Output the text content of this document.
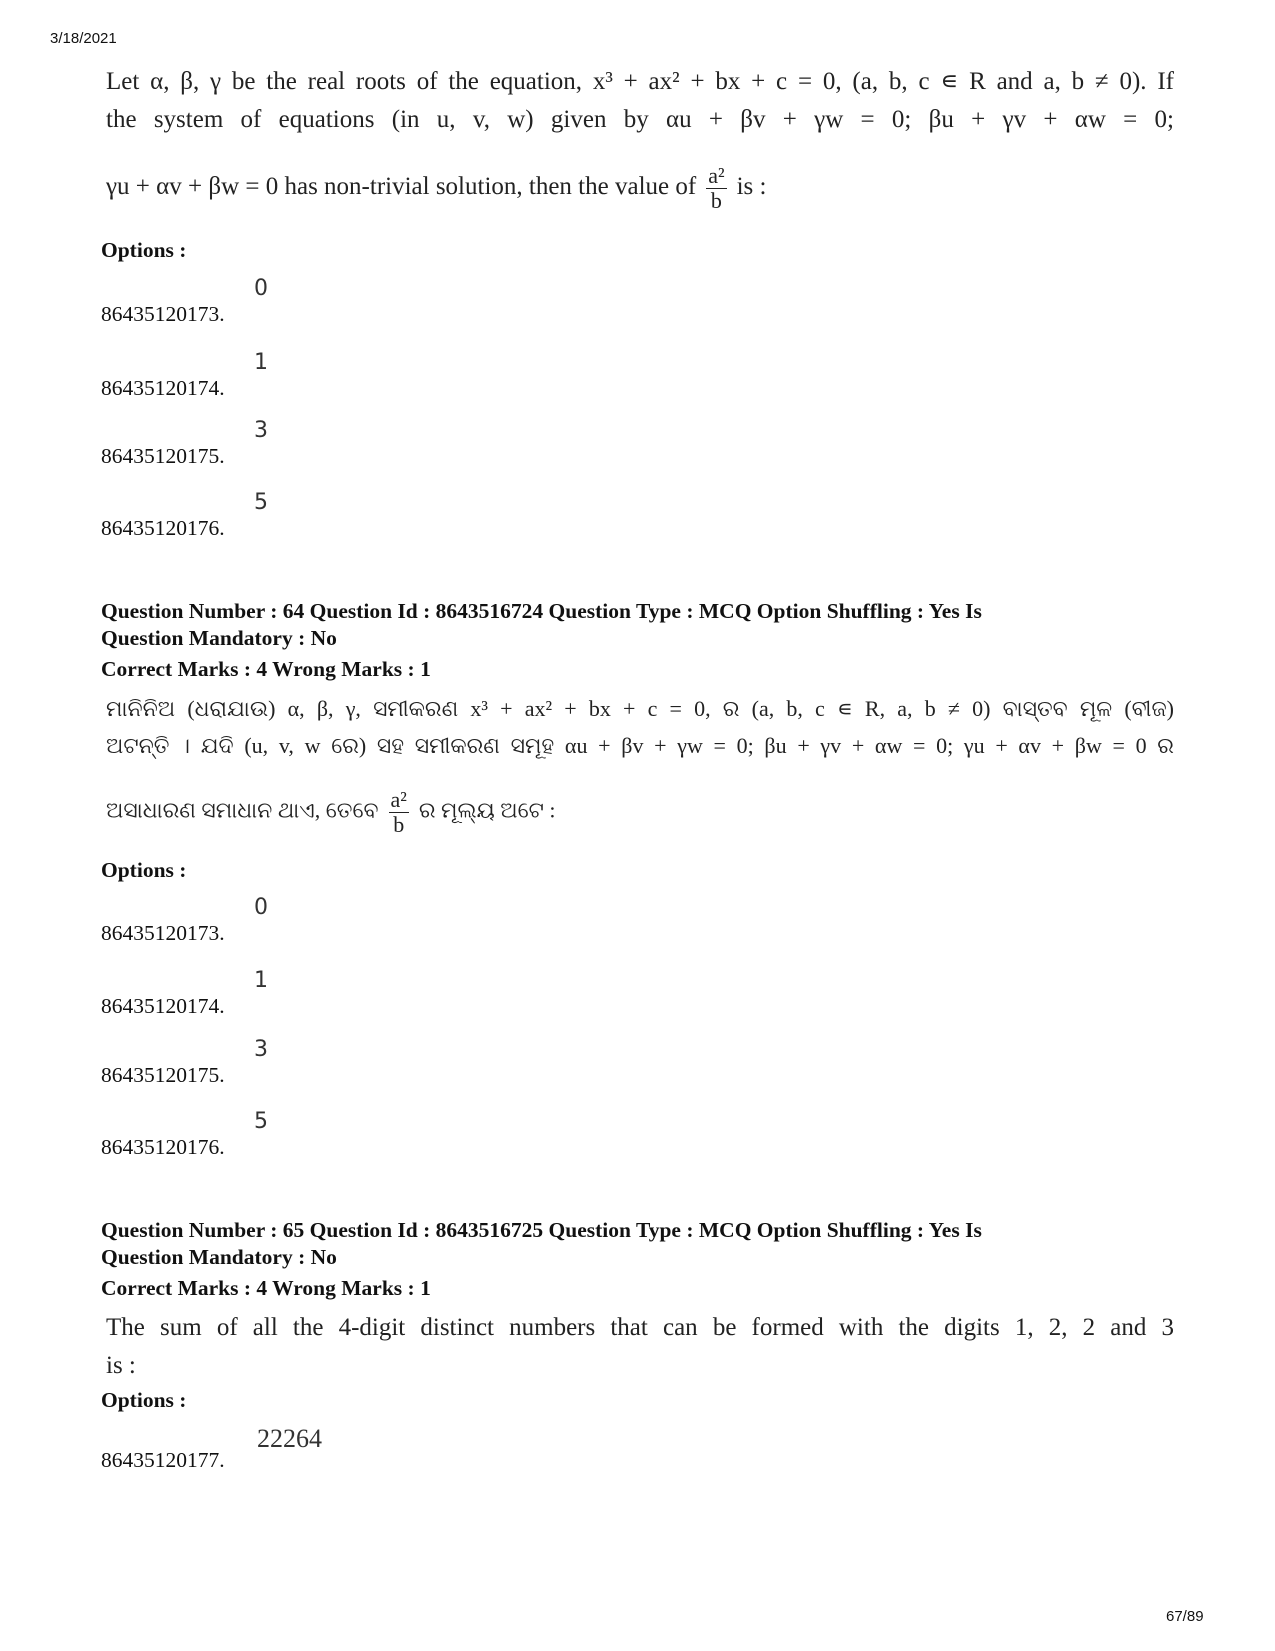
3/18/2021
Let α, β, γ be the real roots of the equation, x³ + ax² + bx + c = 0, (a, b, c ∊ R and a, b ≠ 0). If
the system of equations (in u, v, w) given by αu + βv + γw = 0; βu + γv + αw = 0;
γu + αv + βw = 0 has non-trivial solution, then the value of $\frac{\text{a²}}{b}$ is :
Options :
86435120173.
0
86435120174.
1
86435120175.
3
86435120176.
5
Question Number : 64 Question Id : 8643516724 Question Type : MCQ Option Shuffling : Yes Is
Question Mandatory : No
Correct Marks : 4 Wrong Marks : 1
ମାନିନିଅ (ଧରାଯାଉ) α, β, γ, ସମୀକରଣ x³ + ax² + bx + c = 0, ର (a, b, c ∊ R, a, b ≠ 0) ବାସ୍ତବ ମୂଳ (ବୀଜ)
ଅଟନ୍ତି । ଯଦି (u, v, w ରେ) ସହ ସମୀକରଣ ସମୂହ αu + βv + γw = 0; βu + γv + αw = 0; γu + αv + βw = 0 ର
ଅସାଧାରଣ ସମାଧାନ ଥାଏ, ତେବେ $\frac{\text{a²}}{b}$ ର ମୂଲ୍ୟ ଅଟେ :
Options :
86435120173.
0
86435120174.
1
86435120175.
3
86435120176.
5
Question Number : 65 Question Id : 8643516725 Question Type : MCQ Option Shuffling : Yes Is
Question Mandatory : No
Correct Marks : 4 Wrong Marks : 1
The sum of all the 4-digit distinct numbers that can be formed with the digits 1, 2, 2 and 3
is :
Options :
86435120177.
22264
67/89
